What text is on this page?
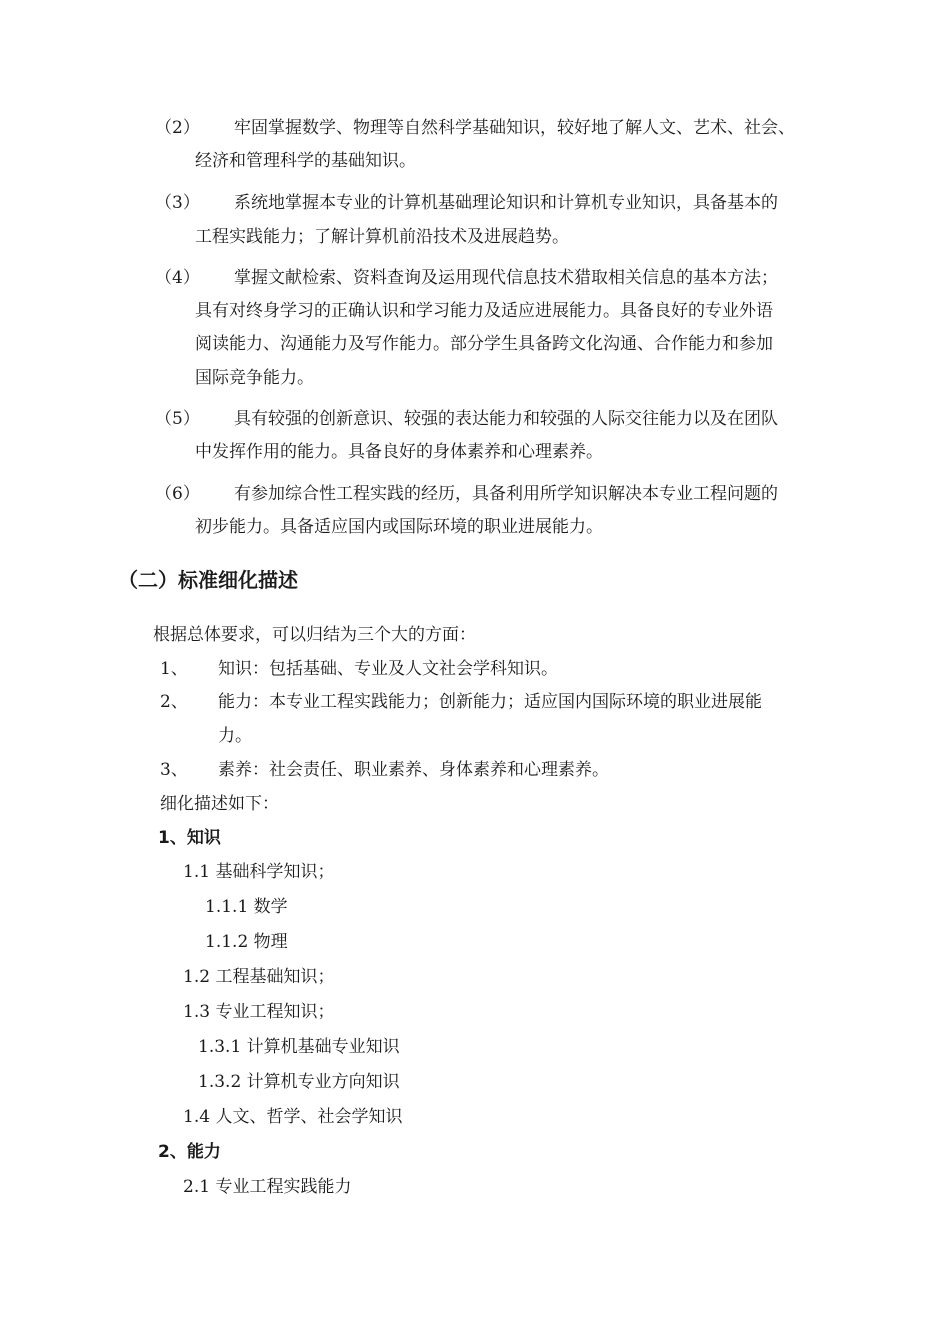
（2） 牢固掌握数学、物理等自然科学基础知识，较好地了解人文、艺术、社会、
经济和管理科学的基础知识。
（3） 系统地掌握本专业的计算机基础理论知识和计算机专业知识，具备基本的
工程实践能力；了解计算机前沿技术及进展趋势。
（4） 掌握文献检索、资料查询及运用现代信息技术猎取相关信息的基本方法；
具有对终身学习的正确认识和学习能力及适应进展能力。具备良好的专业外语
阅读能力、沟通能力及写作能力。部分学生具备跨文化沟通、合作能力和参加
国际竞争能力。
（5） 具有较强的创新意识、较强的表达能力和较强的人际交往能力以及在团队
中发挥作用的能力。具备良好的身体素养和心理素养。
（6） 有参加综合性工程实践的经历，具备利用所学知识解决本专业工程问题的
初步能力。具备适应国内或国际环境的职业进展能力。
（二）标准细化描述
根据总体要求，可以归结为三个大的方面：
1、 知识：包括基础、专业及人文社会学科知识。
2、 能力：本专业工程实践能力；创新能力；适应国内国际环境的职业进展能
力。
3、 素养：社会责任、职业素养、身体素养和心理素养。
细化描述如下：
1、知识
1.1 基础科学知识；
1.1.1 数学
1.1.2 物理
1.2 工程基础知识；
1.3 专业工程知识；
1.3.1 计算机基础专业知识
1.3.2 计算机专业方向知识
1.4 人文、哲学、社会学知识
2、能力
2.1 专业工程实践能力
